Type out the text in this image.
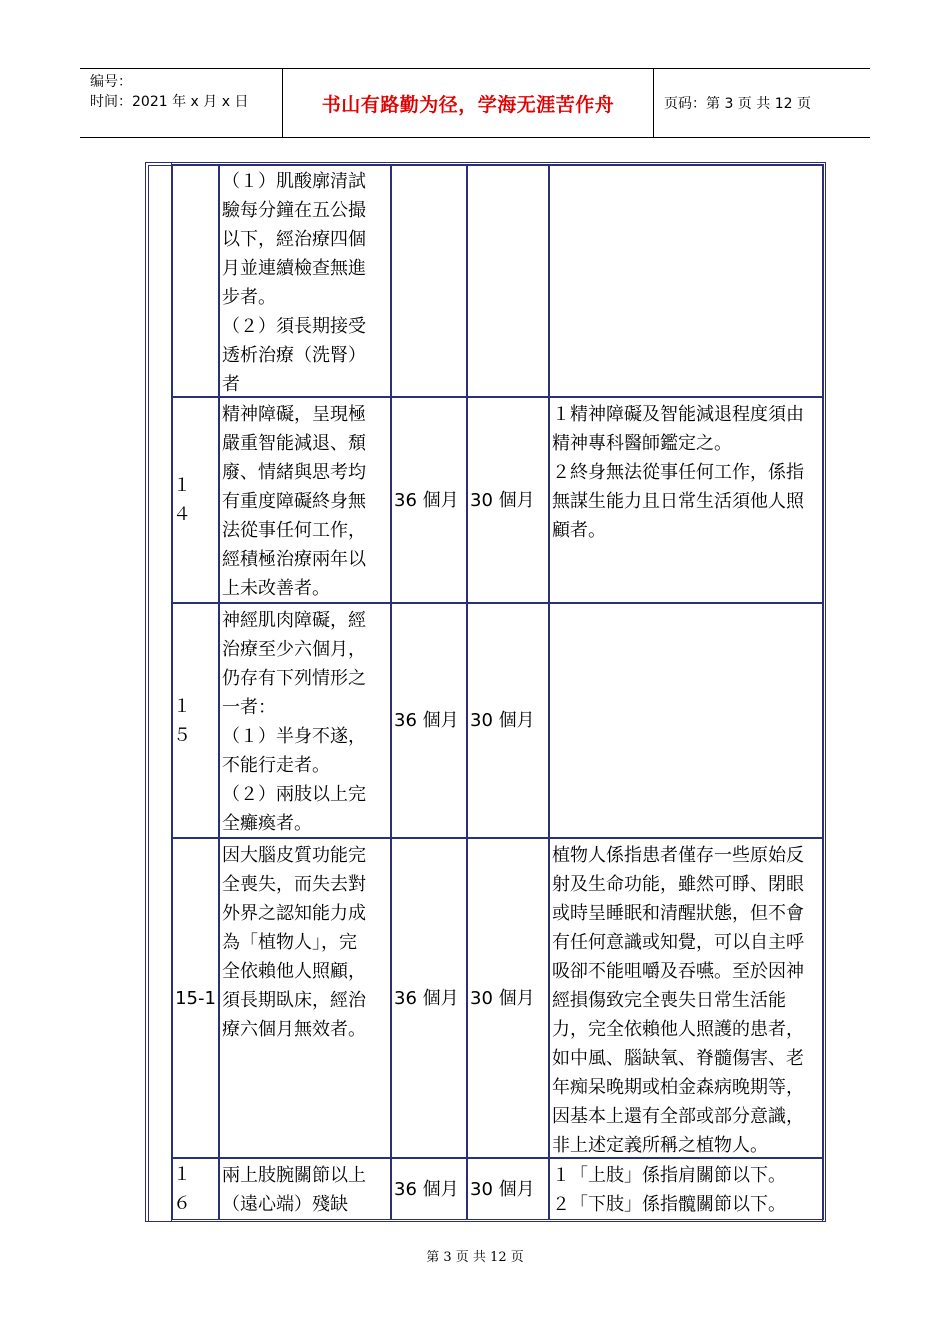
编号：
时间：2021 年 x 月 x 日	书山有路勤为径，学海无涯苦作舟	页码：第 3 页 共 12 页
（１）肌酸廓清試
驗每分鐘在五公撮
以下，經治療四個
月並連續檢查無進
步者。
（２）須長期接受
透析治療（洗腎）
者
１４
精神障礙，呈現極
嚴重智能減退、頹
廢、情緒與思考均
有重度障礙終身無
法從事任何工作，
經積極治療兩年以
上未改善者。
36 個月 30 個月
１精神障礙及智能減退程度須由
精神專科醫師鑑定之。
２終身無法從事任何工作，係指
無謀生能力且日常生活須他人照
顧者。
１５
神經肌肉障礙，經
治療至少六個月，
仍存有下列情形之
一者：
（１）半身不遂，
不能行走者。
（２）兩肢以上完
全癱瘓者。
36 個月 30 個月
15-1
因大腦皮質功能完
全喪失，而失去對
外界之認知能力成
為「植物人」，完
全依賴他人照顧，
須長期臥床，經治
療六個月無效者。
36 個月 30 個月
植物人係指患者僅存一些原始反
射及生命功能，雖然可睜、閉眼
或時呈睡眠和清醒狀態，但不會
有任何意識或知覺，可以自主呼
吸卻不能咀嚼及吞嚥。至於因神
經損傷致完全喪失日常生活能
力，完全依賴他人照護的患者，
如中風、腦缺氧、脊髓傷害、老
年痴呆晚期或柏金森病晚期等，
因基本上還有全部或部分意識，
非上述定義所稱之植物人。
１６
兩上肢腕關節以上
（遠心端）殘缺
36 個月 30 個月
１「上肢」係指肩關節以下。
２「下肢」係指髖關節以下。
第 3 页 共 12 页
